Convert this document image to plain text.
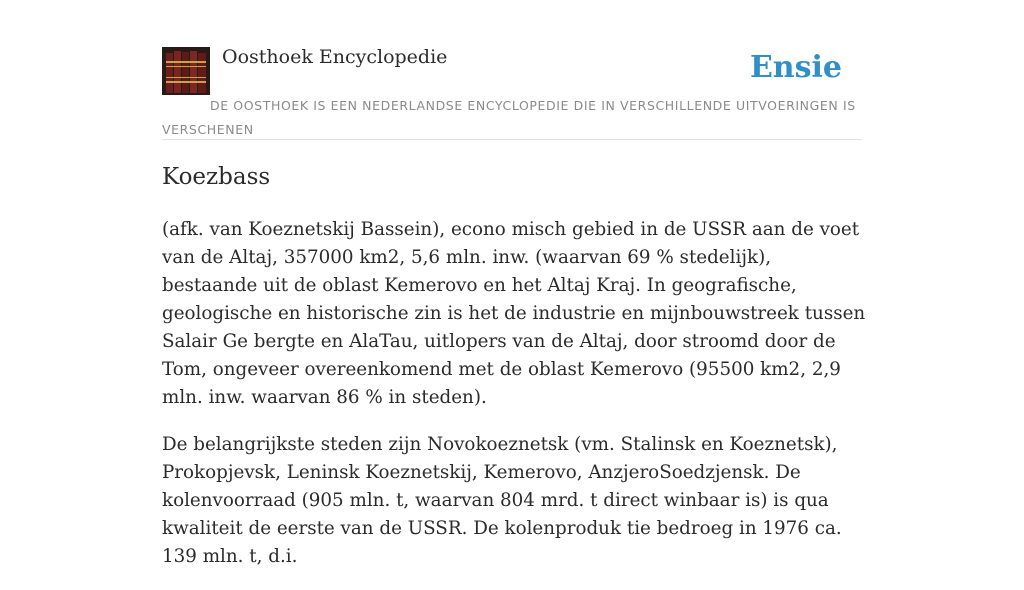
Oosthoek Encyclopedie	Ensie
DE OOSTHOEK IS EEN NEDERLANDSE ENCYCLOPEDIE DIE IN VERSCHILLENDE UITVOERINGEN IS VERSCHENEN
Koezbass

(afk. van Koeznetskij Bassein), econo misch gebied in de USSR aan de voet van de Altaj, 357000 km2, 5,6 mln. inw. (waarvan 69 % stedelijk), bestaande uit de oblast Kemerovo en het Altaj Kraj. In geografische, geologische en historische zin is het de industrie en mijnbouwstreek tussen Salair Ge bergte en AlaTau, uitlopers van de Altaj, door stroomd door de Tom, ongeveer overeenkomend met de oblast Kemerovo (95500 km2, 2,9 mln. inw. waarvan 86 % in steden).

De belangrijkste steden zijn Novokoeznetsk (vm. Stalinsk en Koeznetsk), Prokopjevsk, Leninsk Koeznetskij, Kemerovo, AnzjeroSoedzjensk. De kolenvoorraad (905 mln. t, waarvan 804 mrd. t direct winbaar is) is qua kwaliteit de eerste van de USSR. De kolenproduk tie bedroeg in 1976 ca. 139 mln. t, d.i.
